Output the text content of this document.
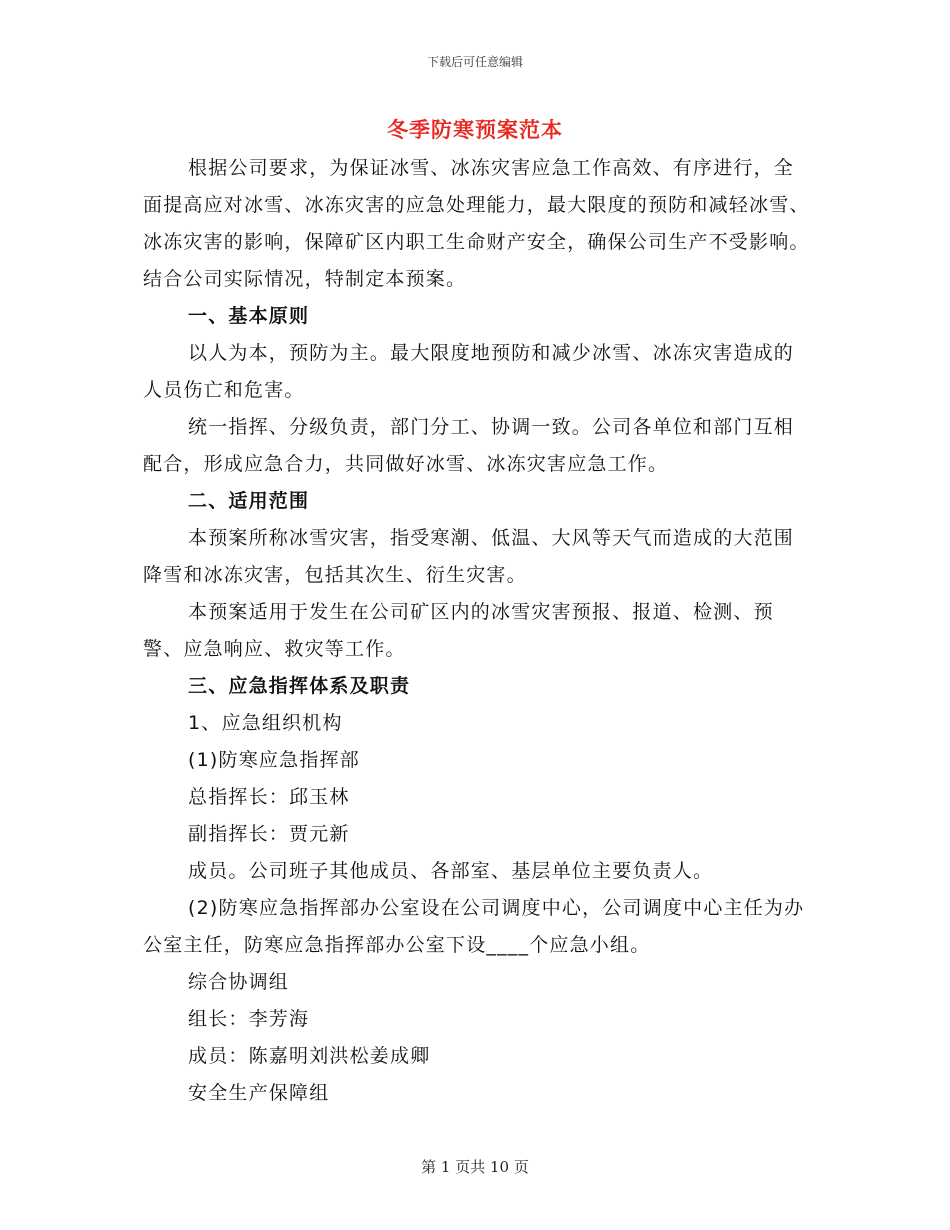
下载后可任意编辑
冬季防寒预案范本

根据公司要求，为保证冰雪、冰冻灾害应急工作高效、有序进行，全面提高应对冰雪、冰冻灾害的应急处理能力，最大限度的预防和减轻冰雪、冰冻灾害的影响，保障矿区内职工生命财产安全，确保公司生产不受影响。结合公司实际情况，特制定本预案。

一、基本原则

以人为本，预防为主。最大限度地预防和减少冰雪、冰冻灾害造成的人员伤亡和危害。

统一指挥、分级负责，部门分工、协调一致。公司各单位和部门互相配合，形成应急合力，共同做好冰雪、冰冻灾害应急工作。

二、适用范围

本预案所称冰雪灾害，指受寒潮、低温、大风等天气而造成的大范围降雪和冰冻灾害，包括其次生、衍生灾害。

本预案适用于发生在公司矿区内的冰雪灾害预报、报道、检测、预警、应急响应、救灾等工作。

三、应急指挥体系及职责

1、应急组织机构

(1)防寒应急指挥部

总指挥长：邱玉林

副指挥长：贾元新

成员。公司班子其他成员、各部室、基层单位主要负责人。

(2)防寒应急指挥部办公室设在公司调度中心，公司调度中心主任为办公室主任，防寒应急指挥部办公室下设____个应急小组。

综合协调组

组长：李芳海

成员：陈嘉明刘洪松姜成卿

安全生产保障组

第 1 页共 10 页
